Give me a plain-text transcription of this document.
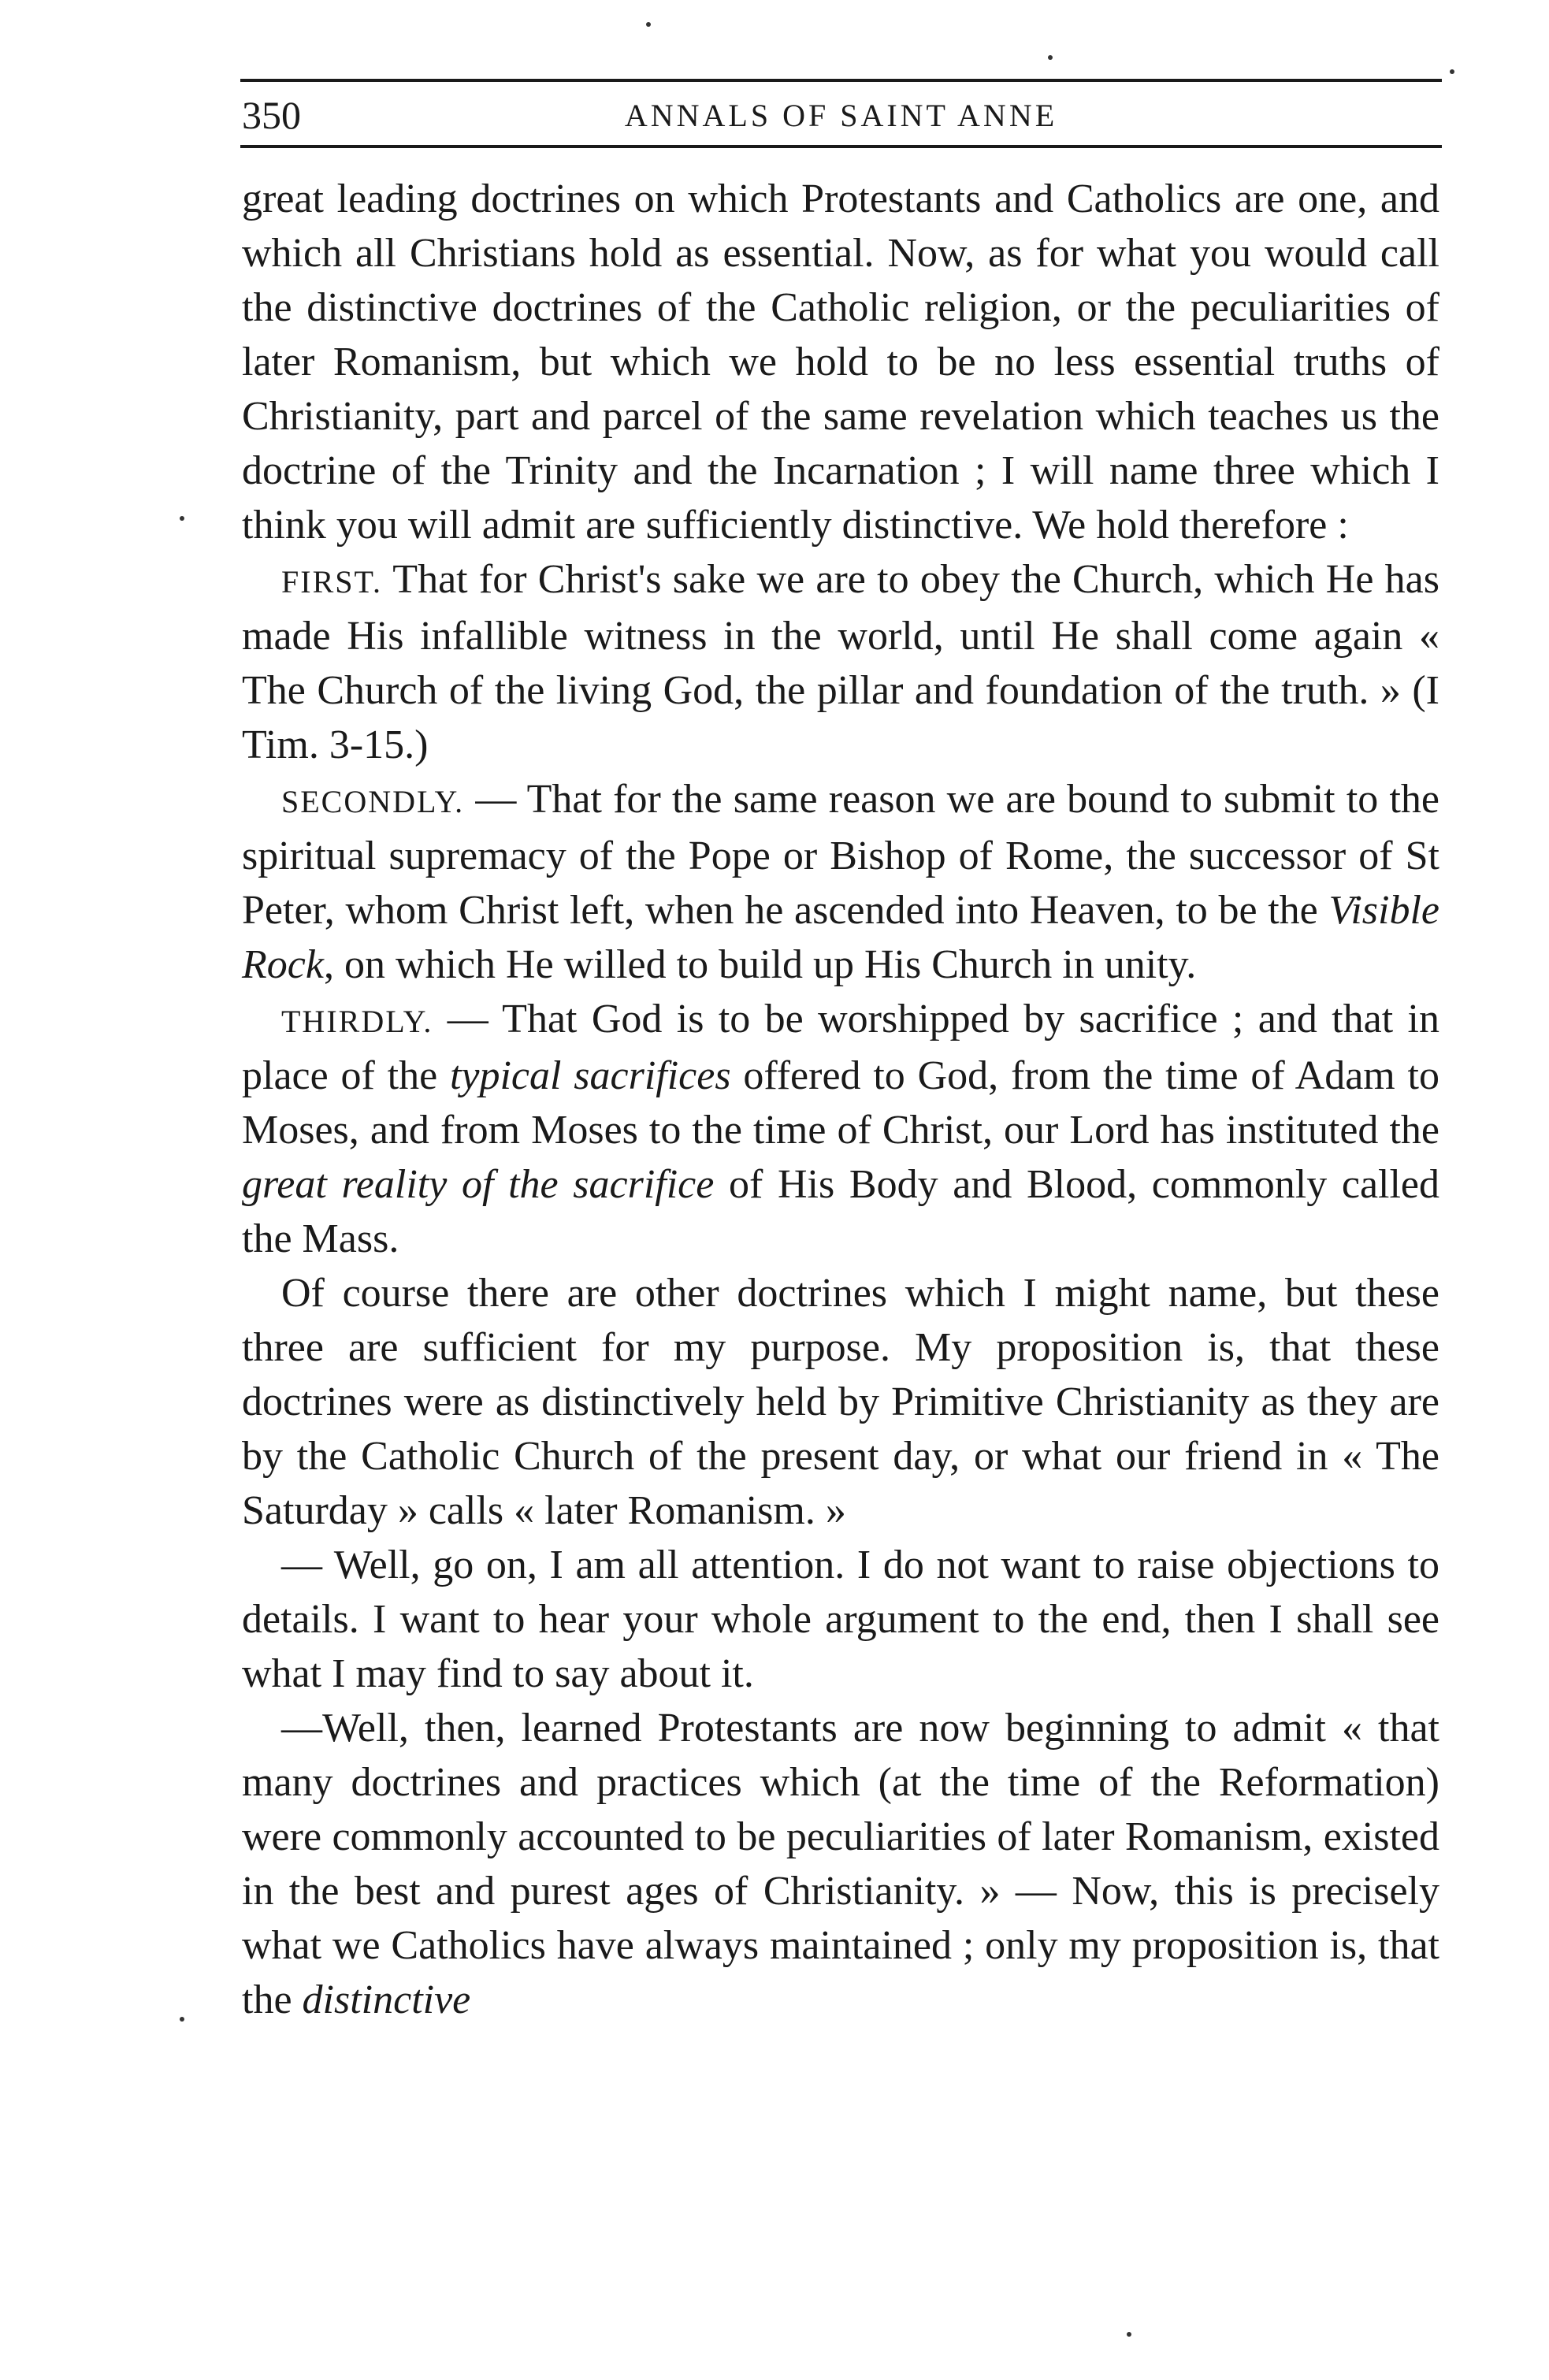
350	ANNALS OF SAINT ANNE

great leading doctrines on which Protestants and Catholics are one, and which all Christians hold as essential. Now, as for what you would call the distinctive doctrines of the Catholic religion, or the peculiarities of later Romanism, but which we hold to be no less essential truths of Christianity, part and parcel of the same revelation which teaches us the doctrine of the Trinity and the Incarnation ; I will name three which I think you will admit are sufficiently distinctive. We hold therefore :

FIRST. That for Christ's sake we are to obey the Church, which He has made His infallible witness in the world, until He shall come again « The Church of the living God, the pillar and foundation of the truth. » (I Tim. 3-15.)

SECONDLY. — That for the same reason we are bound to submit to the spiritual supremacy of the Pope or Bishop of Rome, the successor of St Peter, whom Christ left, when he ascended into Heaven, to be the Visible Rock, on which He willed to build up His Church in unity.

THIRDLY. — That God is to be worshipped by sacrifice ; and that in place of the typical sacrifices offered to God, from the time of Adam to Moses, and from Moses to the time of Christ, our Lord has instituted the great reality of the sacrifice of His Body and Blood, commonly called the Mass.

Of course there are other doctrines which I might name, but these three are sufficient for my purpose. My proposition is, that these doctrines were as distinctively held by Primitive Christianity as they are by the Catholic Church of the present day, or what our friend in « The Saturday » calls « later Romanism. »

— Well, go on, I am all attention. I do not want to raise objections to details. I want to hear your whole argument to the end, then I shall see what I may find to say about it.

—Well, then, learned Protestants are now beginning to admit « that many doctrines and practices which (at the time of the Reformation) were commonly accounted to be peculiarities of later Romanism, existed in the best and purest ages of Christianity. » — Now, this is precisely what we Catholics have always maintained ; only my proposition is, that the distinctive
